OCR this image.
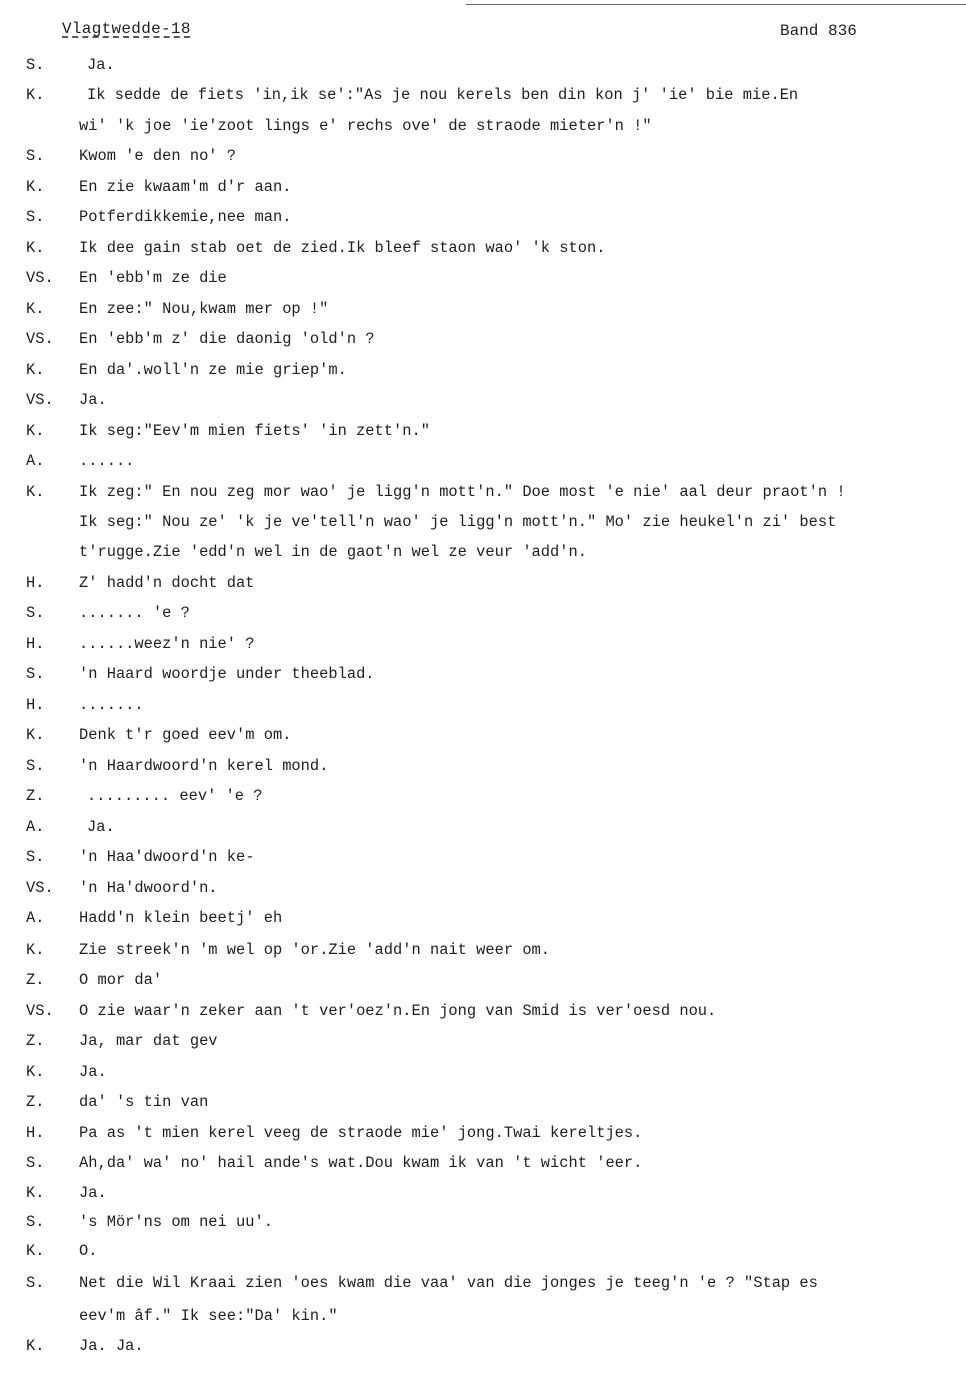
Vlagtwedde-18	Band 836
S.	Ja.
K.	Ik sedde de fiets 'in,ik se':"As je nou kerels ben din kon j' 'ie' bie mie.En
wi' 'k joe 'ie'zoot lings e' rechs ove' de straode mieter'n !"
S. Kwom 'e den no' ?
K. En zie kwaam'm d'r aan.
S. Potferdikkemie,nee man.
K. Ik dee gain stab oet de zied.Ik bleef staon wao' 'k ston.
VS. En 'ebb'm ze die
K. En zee:" Nou,kwam mer op !"
VS. En 'ebb'm z' die daonig 'old'n ?
K. En da'.woll'n ze mie griep'm.
VS. Ja.
K. Ik seg:"Eev'm mien fiets' 'in zett'n."
A. ......
K. Ik zeg:" En nou zeg mor wao' je ligg'n mott'n." Doe most 'e nie' aal deur praot'n !
Ik seg:" Nou ze' 'k je ve'tell'n wao' je ligg'n mott'n." Mo' zie heukel'n zi' best
t'rugge.Zie 'edd'n wel in de gaot'n wel ze veur 'add'n.
H. Z' hadd'n docht dat
S. ....... 'e ?
H. ......weez'n nie' ?
S. 'n Haard woordje under theeblad.
H. .......
K. Denk t'r goed eev'm om.
S. 'n Haardwoord'n kerel mond.
Z.	......... eev' 'e ?
A.	Ja.
S. 'n Haa'dwoord'n ke-
VS. 'n Ha'dwoord'n.
A. Hadd'n klein beetj' eh
K. Zie streek'n 'm wel op 'or.Zie 'add'n nait weer om.
Z. O mor da'
VS. O zie waar'n zeker aan 't ver'oez'n.En jong van Smid is ver'oesd nou.
Z. Ja, mar dat gev
K. Ja.
Z. da' 's tin van
H. Pa as 't mien kerel veeg de straode mie' jong.Twai kereltjes.
S. Ah,da' wa' no' hail ande's wat.Dou kwam ik van 't wicht 'eer.
K. Ja.
S. 's Mör'ns om nei uu'.
K. O.
S. Net die Wil Kraai zien 'oes kwam die vaa' van die jonges je teeg'n 'e ? "Stap es
eev'm âf." Ik see:"Da' kin."
K. Ja. Ja.
